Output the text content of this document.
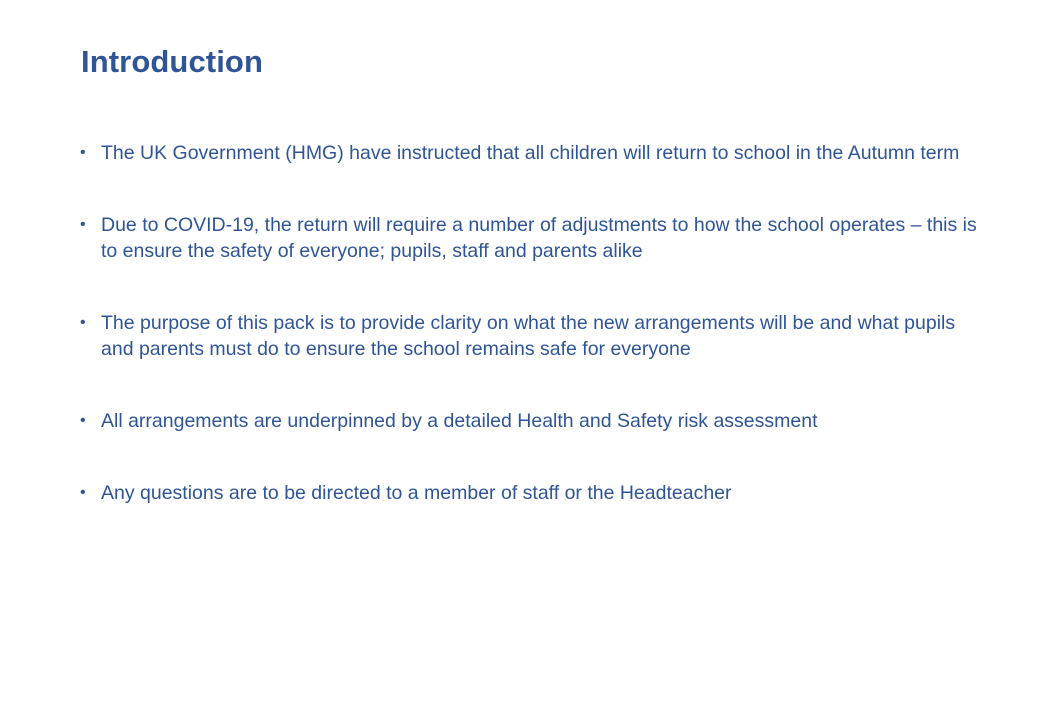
Introduction
• The UK Government (HMG) have instructed that all children will return to school in the Autumn term
• Due to COVID-19, the return will require a number of adjustments to how the school operates – this is to ensure the safety of everyone; pupils, staff and parents alike
• The purpose of this pack is to provide clarity on what the new arrangements will be and what pupils and parents must do to ensure the school remains safe for everyone
• All arrangements are underpinned by a detailed Health and Safety risk assessment
• Any questions are to be directed to a member of staff or the Headteacher
